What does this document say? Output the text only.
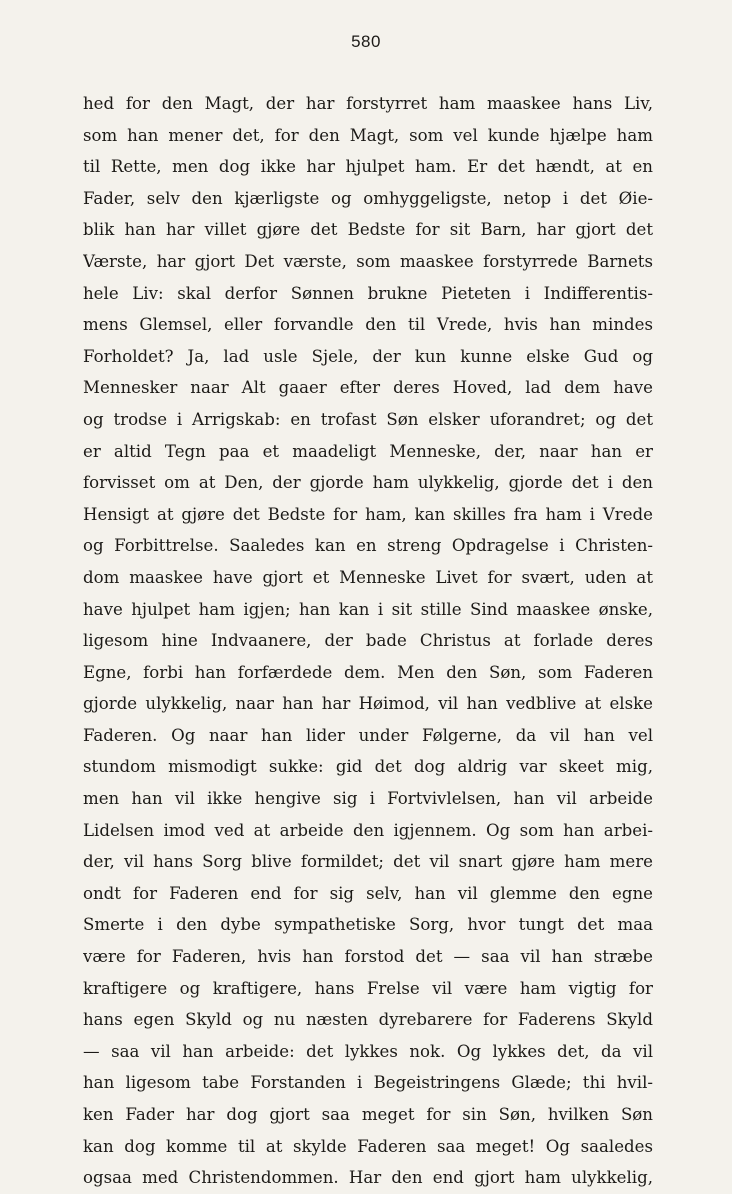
580
hed for den Magt, der har forstyrret ham maaskee hans Liv,
som han mener det, for den Magt, som vel kunde hjælpe ham
til Rette, men dog ikke har hjulpet ham. Er det hændt, at en
Fader, selv den kjærligste og omhyggeligste, netop i det Øie-
blik han har villet gjøre det Bedste for sit Barn, har gjort det
Værste, har gjort Det værste, som maaskee forstyrrede Barnets
hele Liv: skal derfor Sønnen brukne Pieteten i Indifferentis-
mens Glemsel, eller forvandle den til Vrede, hvis han mindes
Forholdet? Ja, lad usle Sjele, der kun kunne elske Gud og
Mennesker naar Alt gaaer efter deres Hoved, lad dem have
og trodse i Arrigskab: en trofast Søn elsker uforandret; og det
er altid Tegn paa et maadeligt Menneske, der, naar han er
forvisset om at Den, der gjorde ham ulykkelig, gjorde det i den
Hensigt at gjøre det Bedste for ham, kan skilles fra ham i Vrede
og Forbittrelse. Saaledes kan en streng Opdragelse i Christen-
dom maaskee have gjort et Menneske Livet for svært, uden at
have hjulpet ham igjen; han kan i sit stille Sind maaskee ønske,
ligesom hine Indvaanere, der bade Christus at forlade deres
Egne, forbi han forfærdede dem. Men den Søn, som Faderen
gjorde ulykkelig, naar han har Høimod, vil han vedblive at elske
Faderen. Og naar han lider under Følgerne, da vil han vel
stundom mismodigt sukke: gid det dog aldrig var skeet mig,
men han vil ikke hengive sig i Fortvivlelsen, han vil arbeide
Lidelsen imod ved at arbeide den igjennem. Og som han arbei-
der, vil hans Sorg blive formildet; det vil snart gjøre ham mere
ondt for Faderen end for sig selv, han vil glemme den egne
Smerte i den dybe sympathetiske Sorg, hvor tungt det maa
være for Faderen, hvis han forstod det — saa vil han stræbe
kraftigere og kraftigere, hans Frelse vil være ham vigtig for
hans egen Skyld og nu næsten dyrebarere for Faderens Skyld
— saa vil han arbeide: det lykkes nok. Og lykkes det, da vil
han ligesom tabe Forstanden i Begeistringens Glæde; thi hvil-
ken Fader har dog gjort saa meget for sin Søn, hvilken Søn
kan dog komme til at skylde Faderen saa meget! Og saaledes
ogsaa med Christendommen. Har den end gjort ham ulykkelig,
